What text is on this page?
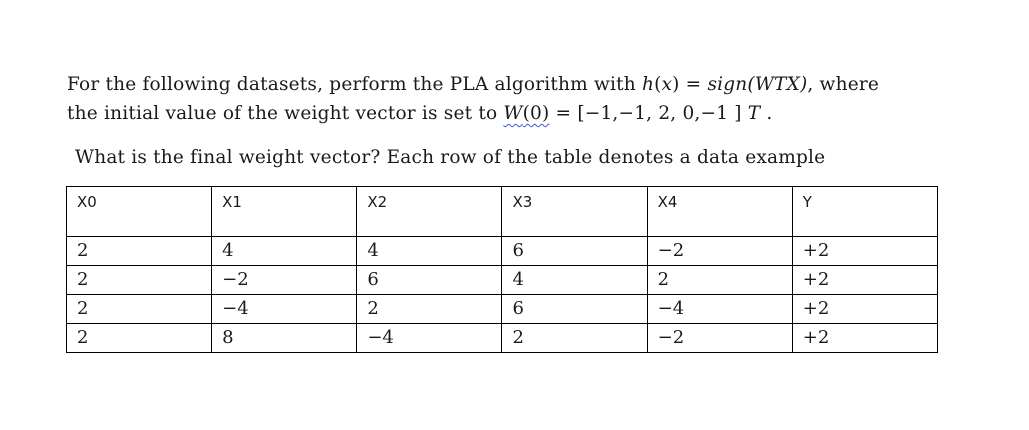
For the following datasets, perform the PLA algorithm with h(x) = sign(WTX), where
the initial value of the weight vector is set to W(0) = [−1,−1, 2, 0,−1 ] T .
What is the final weight vector? Each row of the table denotes a data example
X0	X1	X2	X3	X4	Y
2	4	4	6	−2	+2
2	−2	6	4	2	+2
2	−4	2	6	−4	+2
2	8	−4	2	−2	+2
